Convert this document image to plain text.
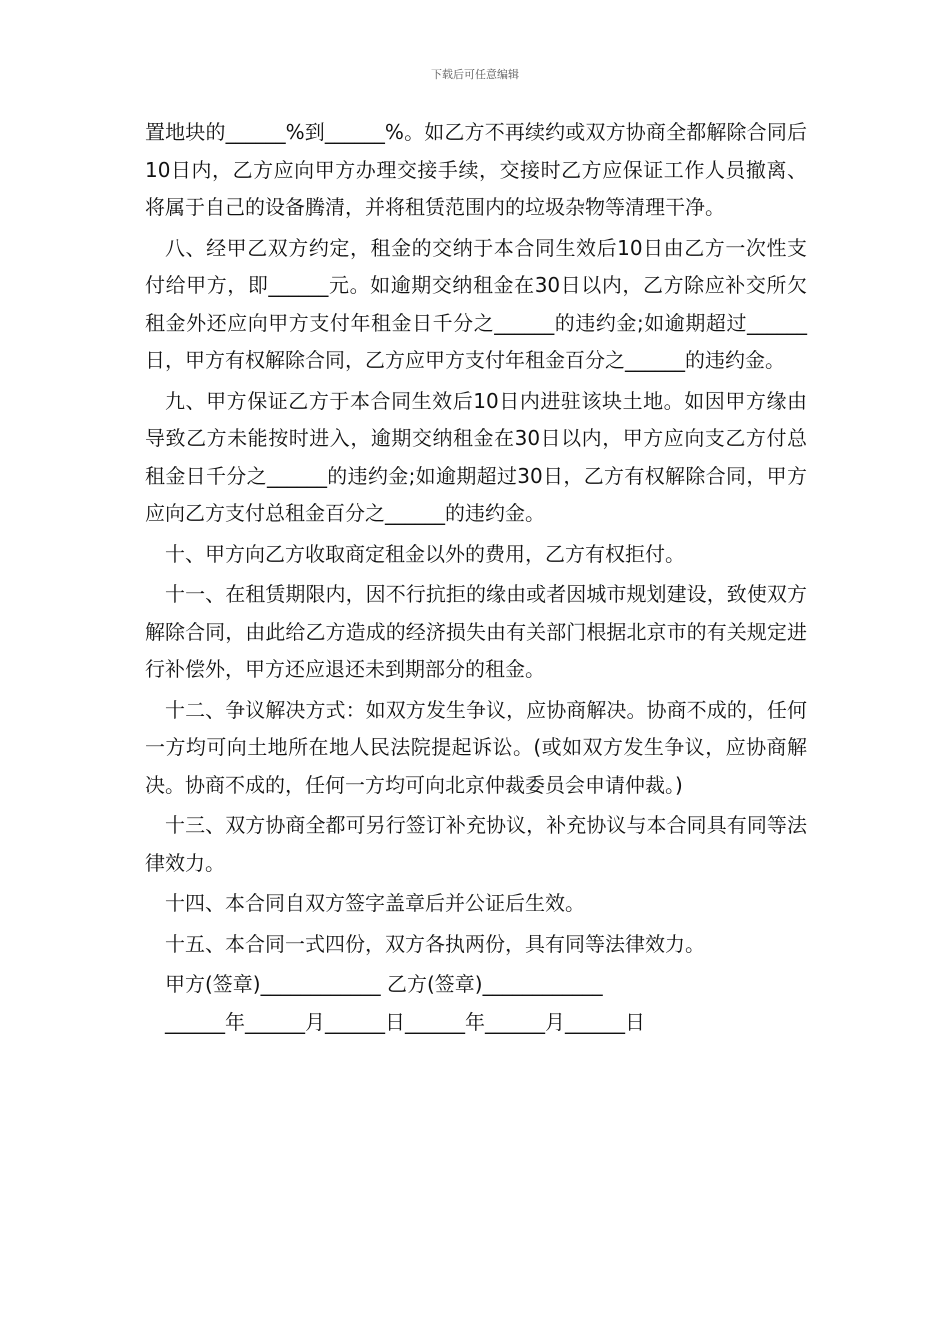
下载后可任意编辑

置地块的______%到______%。如乙方不再续约或双方协商全都解除合同后10日内，乙方应向甲方办理交接手续，交接时乙方应保证工作人员撤离、将属于自己的设备腾清，并将租赁范围内的垃圾杂物等清理干净。

八、经甲乙双方约定，租金的交纳于本合同生效后10日由乙方一次性支付给甲方，即______元。如逾期交纳租金在30日以内，乙方除应补交所欠租金外还应向甲方支付年租金日千分之______的违约金;如逾期超过______日，甲方有权解除合同，乙方应甲方支付年租金百分之______的违约金。

九、甲方保证乙方于本合同生效后10日内进驻该块土地。如因甲方缘由导致乙方未能按时进入，逾期交纳租金在30日以内，甲方应向支乙方付总租金日千分之______的违约金;如逾期超过30日，乙方有权解除合同，甲方应向乙方支付总租金百分之______的违约金。

十、甲方向乙方收取商定租金以外的费用，乙方有权拒付。

十一、在租赁期限内，因不行抗拒的缘由或者因城市规划建设，致使双方解除合同，由此给乙方造成的经济损失由有关部门根据北京市的有关规定进行补偿外，甲方还应退还未到期部分的租金。

十二、争议解决方式：如双方发生争议，应协商解决。协商不成的，任何一方均可向土地所在地人民法院提起诉讼。(或如双方发生争议，应协商解决。协商不成的，任何一方均可向北京仲裁委员会申请仲裁。)

十三、双方协商全都可另行签订补充协议，补充协议与本合同具有同等法律效力。

十四、本合同自双方签字盖章后并公证后生效。

十五、本合同一式四份，双方各执两份，具有同等法律效力。

甲方(签章)____________ 乙方(签章)____________

______年______月______日______年______月______日
